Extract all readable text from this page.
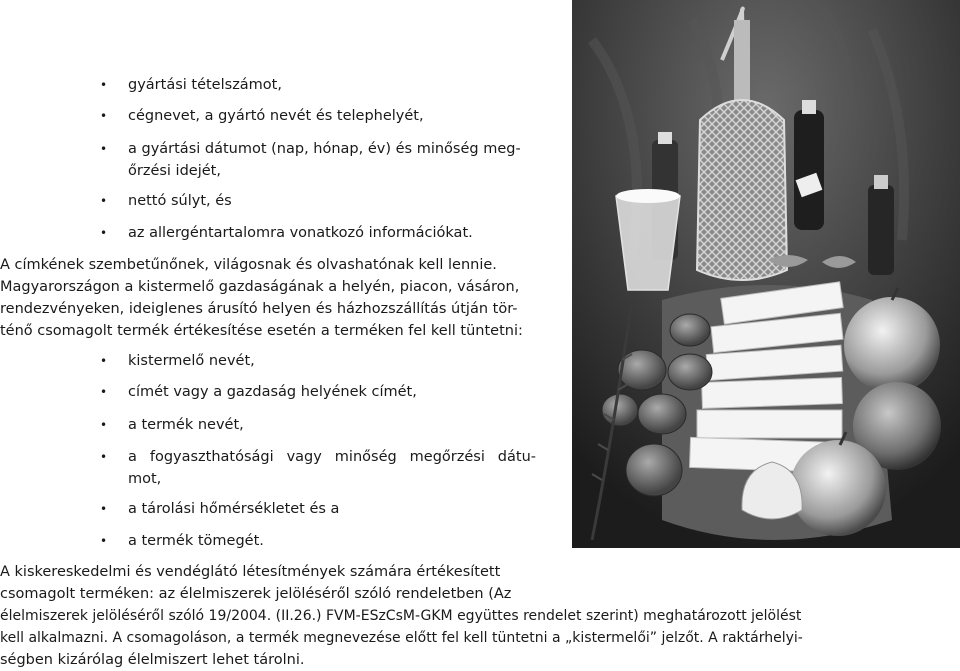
•	gyártási tételszámot,
•	cégnevet, a gyártó nevét és telephelyét,
•	a gyártási dátumot (nap, hónap, év) és minőség meg-
őrzési idejét,
•	nettó súlyt, és
•	az allergéntartalomra vonatkozó információkat.
A címkének szembetűnőnek, világosnak és olvashatónak kell lennie.
Magyarországon a kistermelő gazdaságának a helyén, piacon, vásáron,
rendezvényeken, ideiglenes árusító helyen és házhozszállítás útján tör-
ténő csomagolt termék értékesítése esetén a terméken fel kell tüntetni:
•	kistermelő nevét,
•	címét vagy a gazdaság helyének címét,
•	a termék nevét,
•	a fogyaszthatósági vagy minőség megőrzési dátu-
mot,
•	a tárolási hőmérsékletet és a
•	a termék tömegét.
A kiskereskedelmi és vendéglátó létesítmények számára értékesített
csomagolt terméken: az élelmiszerek jelöléséről szóló rendeletben (Az
élelmiszerek jelöléséről szóló 19/2004. (II.26.) FVM-ESzCsM-GKM együttes rendelet szerint) meghatározott jelölést
kell alkalmazni. A csomagoláson, a termék megnevezése előtt fel kell tüntetni a „kistermelői” jelzőt. A raktárhelyi-
ségben kizárólag élelmiszert lehet tárolni.
